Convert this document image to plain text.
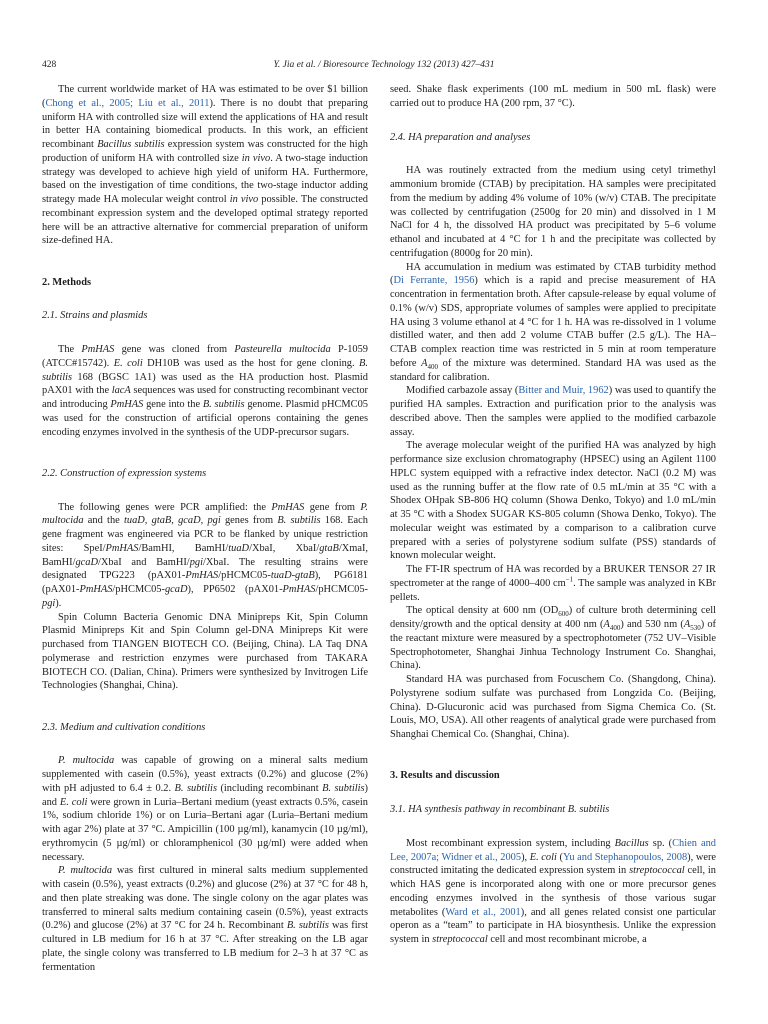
428	Y. Jia et al. / Bioresource Technology 132 (2013) 427–431

The current worldwide market of HA was estimated to be over $1 billion (Chong et al., 2005; Liu et al., 2011). There is no doubt that preparing uniform HA with controlled size will extend the applications of HA and result in better HA containing biomedical products. In this work, an efficient recombinant Bacillus subtilis expression system was constructed for the high production of uniform HA with controlled size in vivo. A two-stage induction strategy was developed to achieve high yield of uniform HA. Furthermore, based on the investigation of time conditions, the two-stage inductor adding strategy made HA molecular weight control in vivo possible. The constructed recombinant expression system and the developed optimal strategy reported here will be an attractive alternative for commercial preparation of uniform size-defined HA.

2. Methods

2.1. Strains and plasmids

The PmHAS gene was cloned from Pasteurella multocida P-1059 (ATCC#15742). E. coli DH10B was used as the host for gene cloning. B. subtilis 168 (BGSC 1A1) was used as the HA production host. Plasmid pAX01 with the lacA sequences was used for constructing recombinant vector and introducing PmHAS gene into the B. subtilis genome. Plasmid pHCMC05 was used for the construction of artificial operons containing the genes encoding enzymes involved in the synthesis of the UDP-precursor sugars.

2.2. Construction of expression systems

The following genes were PCR amplified: the PmHAS gene from P. multocida and the tuaD, gtaB, gcaD, pgi genes from B. subtilis 168. Each gene fragment was engineered via PCR to be flanked by unique restriction sites: SpeI/PmHAS/BamHI, BamHI/tuaD/XbaI, XbaI/gtaB/XmaI, BamHI/gcaD/XbaI and BamHI/pgi/XbaI. The resulting strains were designated TPG223 (pAX01-PmHAS/pHCMC05-tuaD-gtaB), PG6181 (pAX01-PmHAS/pHCMC05-gcaD), PP6502 (pAX01-PmHAS/pHCMC05-pgi).

Spin Column Bacteria Genomic DNA Minipreps Kit, Spin Column Plasmid Minipreps Kit and Spin Column gel-DNA Minipreps Kit were purchased from TIANGEN BIOTECH CO. (Beijing, China). LA Taq DNA polymerase and restriction enzymes were purchased from TAKARA BIOTECH CO. (Dalian, China). Primers were synthesized by Invitrogen Life Technologies (Shanghai, China).

2.3. Medium and cultivation conditions

P. multocida was capable of growing on a mineral salts medium supplemented with casein (0.5%), yeast extracts (0.2%) and glucose (2%) with pH adjusted to 6.4 ± 0.2. B. subtilis (including recombinant B. subtilis) and E. coli were grown in Luria–Bertani medium (yeast extracts 0.5%, casein 1%, sodium chloride 1%) or on Luria–Bertani agar (Luria–Bertani medium with agar 2%) plate at 37 °C. Ampicillin (100 µg/ml), kanamycin (10 µg/ml), erythromycin (5 µg/ml) or chloramphenicol (30 µg/ml) were added when necessary.

P. multocida was first cultured in mineral salts medium supplemented with casein (0.5%), yeast extracts (0.2%) and glucose (2%) at 37 °C for 48 h, and then plate streaking was done. The single colony on the agar plates was transferred to mineral salts medium containing casein (0.5%), yeast extracts (0.2%) and glucose (2%) at 37 °C for 24 h. Recombinant B. subtilis was first cultured in LB medium for 16 h at 37 °C. After streaking on the LB agar plate, the single colony was transferred to LB medium for 2–3 h at 37 °C as fermentation

seed. Shake flask experiments (100 mL medium in 500 mL flask) were carried out to produce HA (200 rpm, 37 °C).

2.4. HA preparation and analyses

HA was routinely extracted from the medium using cetyl trimethyl ammonium bromide (CTAB) by precipitation. HA samples were precipitated from the medium by adding 4% volume of 10% (w/v) CTAB. The precipitate was collected by centrifugation (2500g for 20 min) and dissolved in 1 M NaCl for 4 h, the dissolved HA product was precipitated by 5–6 volume ethanol and incubated at 4 °C for 1 h and the precipitate was collected by centrifugation (8000g for 20 min).

HA accumulation in medium was estimated by CTAB turbidity method (Di Ferrante, 1956) which is a rapid and precise measurement of HA concentration in fermentation broth. After capsule-release by equal volume of 0.1% (w/v) SDS, appropriate volumes of samples were applied to precipitate HA using 3 volume ethanol at 4 °C for 1 h. HA was re-dissolved in 1 volume distilled water, and then add 2 volume CTAB buffer (2.5 g/L). The HA–CTAB complex reaction time was restricted in 5 min at room temperature before $A_{400}$ of the mixture was determined. Standard HA was used as the standard for calibration.

Modified carbazole assay (Bitter and Muir, 1962) was used to quantify the purified HA samples. Extraction and purification prior to the analysis was described above. Then the samples were applied to the modified carbazole assay.

The average molecular weight of the purified HA was analyzed by high performance size exclusion chromatography (HPSEC) using an Agilent 1100 HPLC system equipped with a refractive index detector. NaCl (0.2 M) was used as the running buffer at the flow rate of 0.5 mL/min at 35 °C with a Shodex OHpak SB-806 HQ column (Showa Denko, Tokyo) and 1.0 mL/min at 35 °C with a Shodex SUGAR KS-805 column (Showa Denko, Tokyo). The molecular weight was estimated by a comparison to a calibration curve prepared with a series of polystyrene sodium sulfate (PSS) standards of known molecular weight.

The FT-IR spectrum of HA was recorded by a BRUKER TENSOR 27 IR spectrometer at the range of 4000–400 $cm^{-1}$. The sample was analyzed in KBr pellets.

The optical density at 600 nm $(OD_{600})$ of culture broth determining cell density/growth and the optical density at 400 nm $(A_{400})$ and 530 nm $(A_{530})$ of the reactant mixture were measured by a spectrophotometer (752 UV–Visible Spectrophotometer, Shanghai Jinhua Technology Instrument Co. Shanghai, China).

Standard HA was purchased from Focuschem Co. (Shangdong, China). Polystyrene sodium sulfate was purchased from Longzida Co. (Beijing, China). D-Glucuronic acid was purchased from Sigma Chemica Co. (St. Louis, MO, USA). All other reagents of analytical grade were purchased from Shanghai Chemical Co. (Shanghai, China).

3. Results and discussion

3.1. HA synthesis pathway in recombinant B. subtilis

Most recombinant expression system, including Bacillus sp. (Chien and Lee, 2007a; Widner et al., 2005), E. coli (Yu and Stephanopoulos, 2008), were constructed imitating the dedicated expression system in streptococcal cell, in which HAS gene is incorporated along with one or more precursor genes encoding enzymes involved in the synthesis of those various sugar metabolites (Ward et al., 2001), and all genes related consist one particular operon as a “team” to participate in HA biosynthesis. Unlike the expression system in streptococcal cell and most recombinant microbe, a
